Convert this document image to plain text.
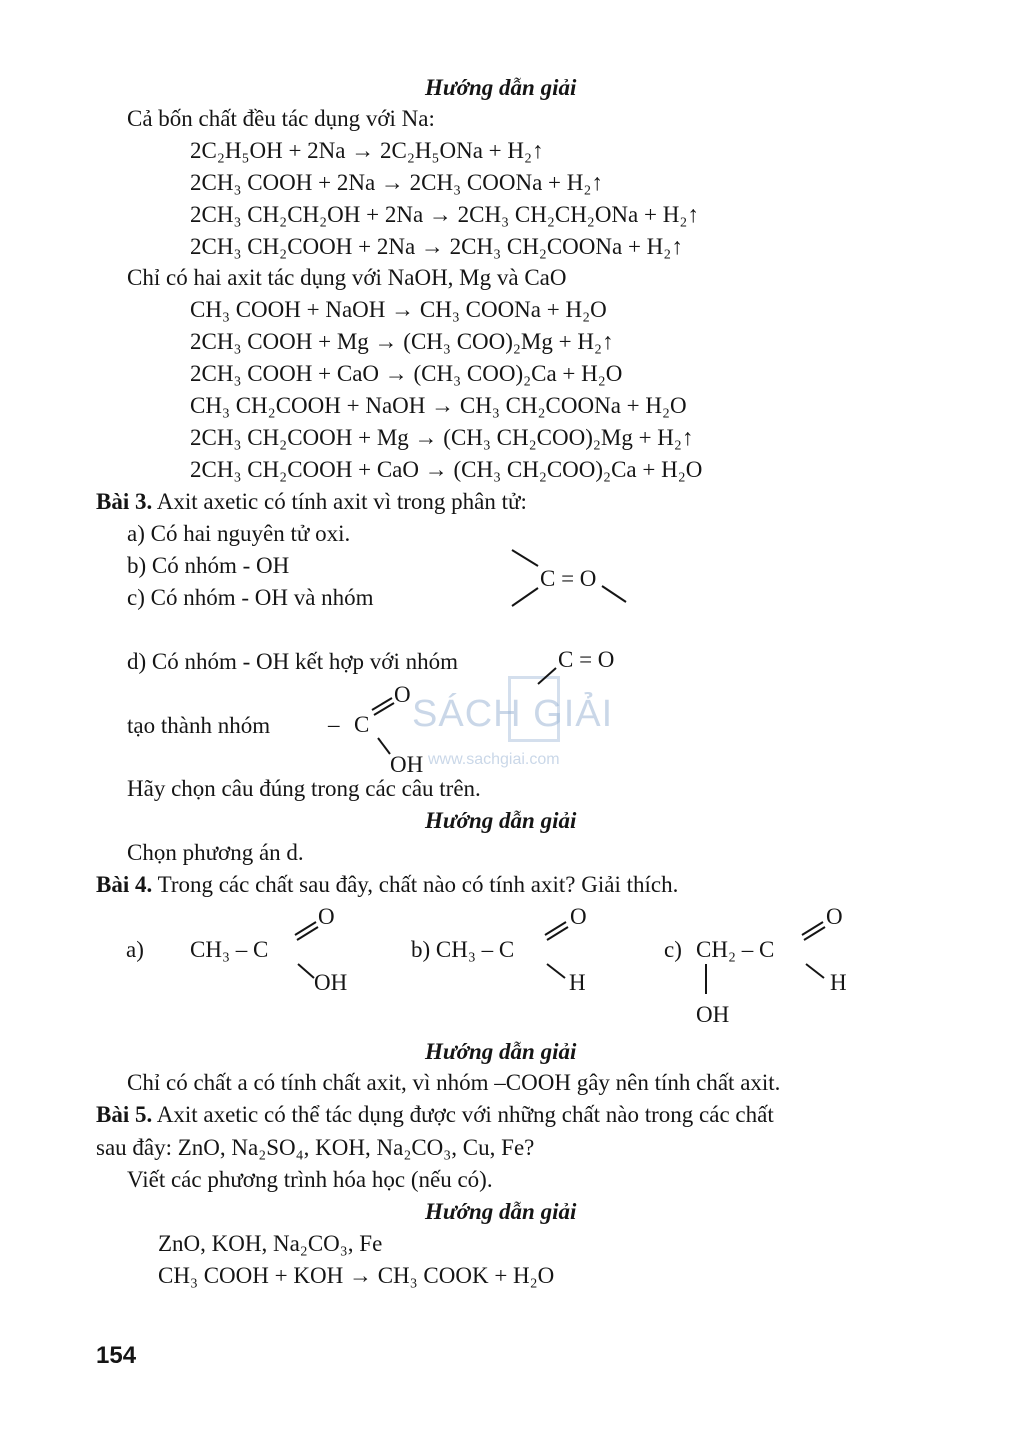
SÁCH GIẢI
www.sachgiai.com
Hướng dẫn giải
Cả bốn chất đều tác dụng với Na:
2C₂H₅OH + 2Na → 2C₂H₅ONa + H₂↑
2CH₃ COOH + 2Na → 2CH₃ COONa + H₂↑
2CH₃ CH₂CH₂OH + 2Na → 2CH₃ CH₂CH₂ONa + H₂↑
2CH₃ CH₂COOH + 2Na → 2CH₃ CH₂COONa + H₂↑
Chỉ có hai axit tác dụng với NaOH, Mg và CaO
CH₃ COOH + NaOH → CH₃ COONa + H₂O
2CH₃ COOH + Mg → (CH₃ COO)₂Mg + H₂↑
2CH₃ COOH + CaO → (CH₃ COO)₂Ca + H₂O
CH₃ CH₂COOH + NaOH → CH₃ CH₂COONa + H₂O
2CH₃ CH₂COOH + Mg → (CH₃ CH₂COO)₂Mg + H₂↑
2CH₃ CH₂COOH + CaO → (CH₃ CH₂COO)₂Ca + H₂O
Bài 3. Axit axetic có tính axit vì trong phân tử:
a) Có hai nguyên tử oxi.
b) Có nhóm - OH
c) Có nhóm - OH và nhóm
C = O
d) Có nhóm - OH kết hợp với nhóm	C = O
tạo thành nhóm	– C
O
OH
Hãy chọn câu đúng trong các câu trên.
Hướng dẫn giải
Chọn phương án d.
Bài 4. Trong các chất sau đây, chất nào có tính axit? Giải thích.
a) CH₃ – C
O
OH
b) CH₃ – C
O
H
c) CH₂ – C
O
H
OH
Hướng dẫn giải
Chỉ có chất a có tính chất axit, vì nhóm –COOH gây nên tính chất axit.
Bài 5. Axit axetic có thể tác dụng được với những chất nào trong các chất
sau đây: ZnO, Na₂SO₄, KOH, Na₂CO₃, Cu, Fe?
Viết các phương trình hóa học (nếu có).
Hướng dẫn giải
ZnO, KOH, Na₂CO₃, Fe
CH₃ COOH + KOH → CH₃ COOK + H₂O
154
